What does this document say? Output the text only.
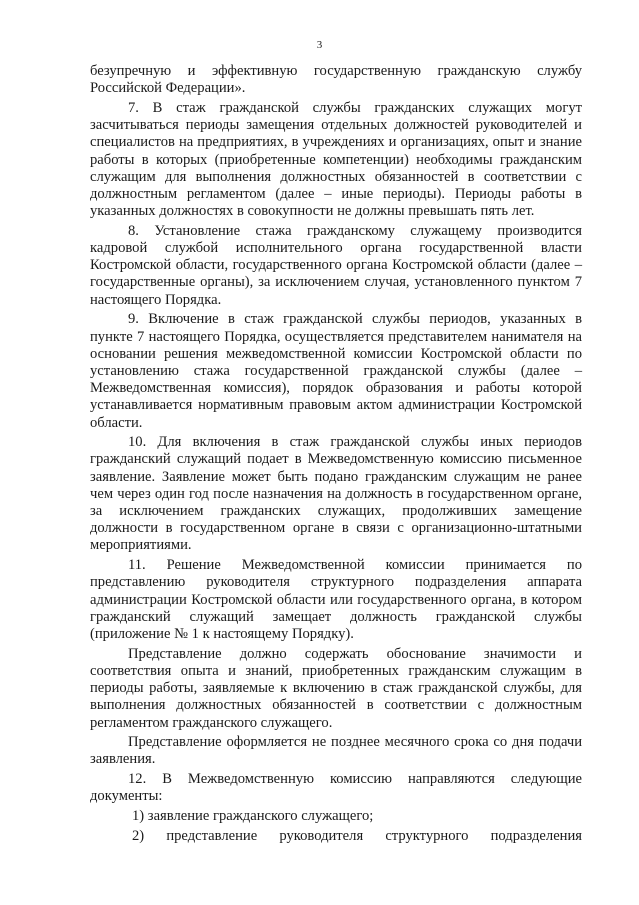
3

безупречную и эффективную государственную гражданскую службу Российской Федерации».

7. В стаж гражданской службы гражданских служащих могут засчитываться периоды замещения отдельных должностей руководителей и специалистов на предприятиях, в учреждениях и организациях, опыт и знание работы в которых (приобретенные компетенции) необходимы гражданским служащим для выполнения должностных обязанностей в соответствии с должностным регламентом (далее – иные периоды). Периоды работы в указанных должностях в совокупности не должны превышать пять лет.

8. Установление стажа гражданскому служащему производится кадровой службой исполнительного органа государственной власти Костромской области, государственного органа Костромской области (далее – государственные органы), за исключением случая, установленного пунктом 7 настоящего Порядка.

9. Включение в стаж гражданской службы периодов, указанных в пункте 7 настоящего Порядка, осуществляется представителем нанимателя на основании решения межведомственной комиссии Костромской области по установлению стажа государственной гражданской службы (далее – Межведомственная комиссия), порядок образования и работы которой устанавливается нормативным правовым актом администрации Костромской области.

10. Для включения в стаж гражданской службы иных периодов гражданский служащий подает в Межведомственную комиссию письменное заявление. Заявление может быть подано гражданским служащим не ранее чем через один год после назначения на должность в государственном органе, за исключением гражданских служащих, продолживших замещение должности в государственном органе в связи с организационно-штатными мероприятиями.

11. Решение Межведомственной комиссии принимается по представлению руководителя структурного подразделения аппарата администрации Костромской области или государственного органа, в котором гражданский служащий замещает должность гражданской службы (приложение № 1 к настоящему Порядку).

Представление должно содержать обоснование значимости и соответствия опыта и знаний, приобретенных гражданским служащим в периоды работы, заявляемые к включению в стаж гражданской службы, для выполнения должностных обязанностей в соответствии с должностным регламентом гражданского служащего.

Представление оформляется не позднее месячного срока со дня подачи заявления.

12. В Межведомственную комиссию направляются следующие документы:

1) заявление гражданского служащего;

2) представление руководителя структурного подразделения
